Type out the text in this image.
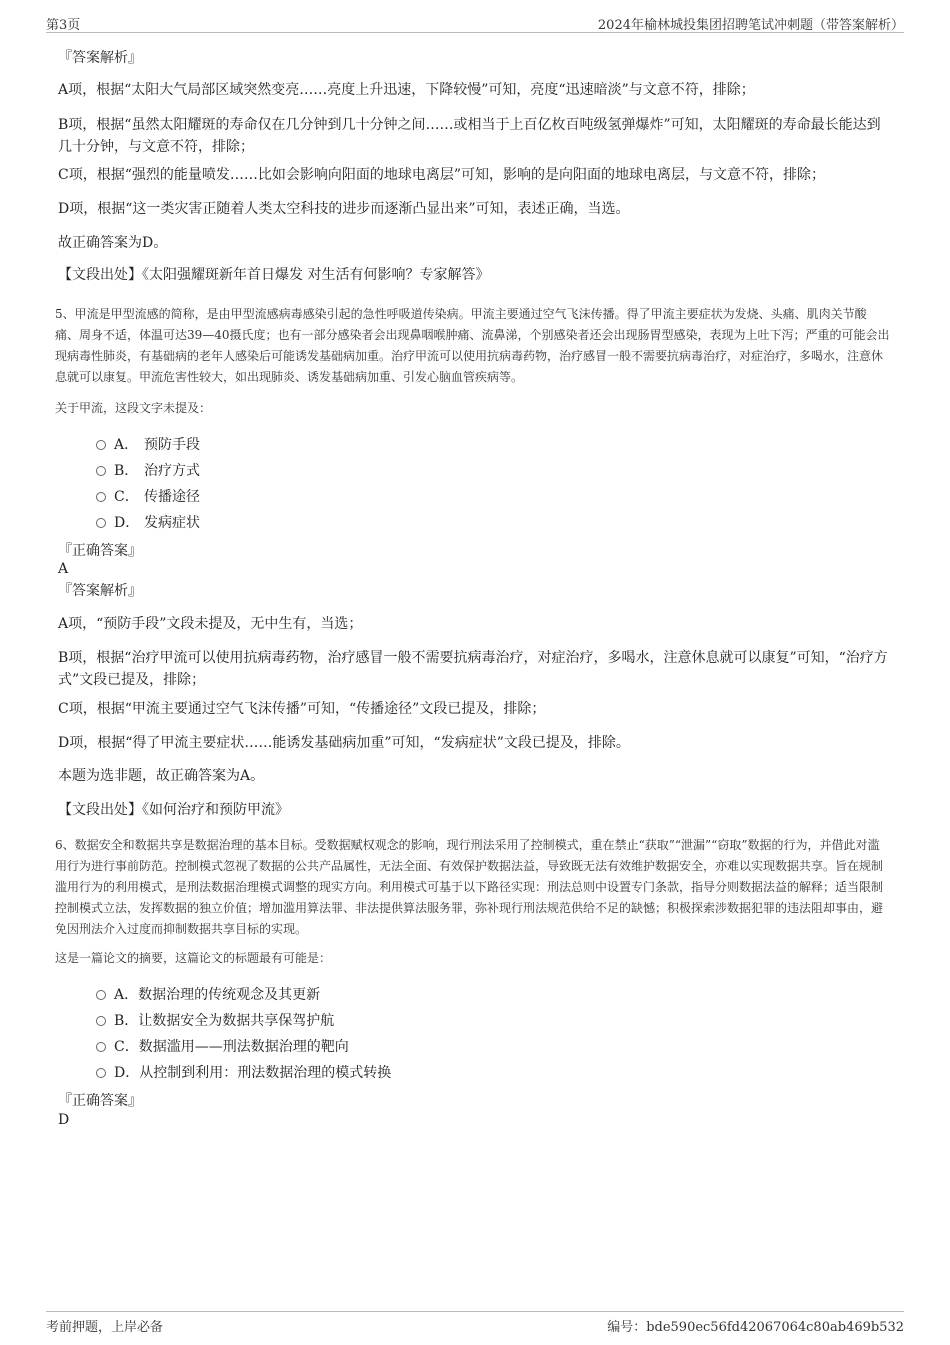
第3页	2024年榆林城投集团招聘笔试冲刺题（带答案解析）
『答案解析』
A项，根据“太阳大气局部区域突然变亮……亮度上升迅速，下降较慢”可知，亮度“迅速暗淡”与文意不符，排除；
B项，根据“虽然太阳耀斑的寿命仅在几分钟到几十分钟之间……或相当于上百亿枚百吨级氢弹爆炸”可知，太阳耀斑的寿命最长能达到几十分钟，与文意不符，排除；
C项，根据“强烈的能量喷发……比如会影响向阳面的地球电离层”可知，影响的是向阳面的地球电离层，与文意不符，排除；
D项，根据“这一类灾害正随着人类太空科技的进步而逐渐凸显出来”可知，表述正确，当选。
故正确答案为D。
【文段出处】《太阳强耀斑新年首日爆发 对生活有何影响？专家解答》
5、甲流是甲型流感的简称，是由甲型流感病毒感染引起的急性呼吸道传染病。甲流主要通过空气飞沫传播。得了甲流主要症状为发烧、头痛、肌肉关节酸痛、周身不适，体温可达39—40摄氏度；也有一部分感染者会出现鼻咽喉肿痛、流鼻涕，个别感染者还会出现肠胃型感染，表现为上吐下泻；严重的可能会出现病毒性肺炎，有基础病的老年人感染后可能诱发基础病加重。治疗甲流可以使用抗病毒药物，治疗感冒一般不需要抗病毒治疗，对症治疗，多喝水，注意休息就可以康复。甲流危害性较大，如出现肺炎、诱发基础病加重、引发心脑血管疾病等。
关于甲流，这段文字未提及：
A． 预防手段
B． 治疗方式
C． 传播途径
D． 发病症状
『正确答案』
A
『答案解析』
A项，“预防手段”文段未提及，无中生有，当选；
B项，根据“治疗甲流可以使用抗病毒药物，治疗感冒一般不需要抗病毒治疗，对症治疗，多喝水，注意休息就可以康复”可知，“治疗方式”文段已提及，排除；
C项，根据“甲流主要通过空气飞沫传播”可知，“传播途径”文段已提及，排除；
D项，根据“得了甲流主要症状……能诱发基础病加重”可知，“发病症状”文段已提及，排除。
本题为选非题，故正确答案为A。
【文段出处】《如何治疗和预防甲流》
6、数据安全和数据共享是数据治理的基本目标。受数据赋权观念的影响，现行刑法采用了控制模式，重在禁止“获取”“泄漏”“窃取”数据的行为，并借此对滥用行为进行事前防范。控制模式忽视了数据的公共产品属性，无法全面、有效保护数据法益，导致既无法有效维护数据安全，亦难以实现数据共享。旨在规制滥用行为的利用模式，是刑法数据治理模式调整的现实方向。利用模式可基于以下路径实现：刑法总则中设置专门条款，指导分则数据法益的解释；适当限制控制模式立法，发挥数据的独立价值；增加滥用算法罪、非法提供算法服务罪，弥补现行刑法规范供给不足的缺憾；积极探索涉数据犯罪的违法阻却事由，避免因刑法介入过度而抑制数据共享目标的实现。
这是一篇论文的摘要，这篇论文的标题最有可能是：
A．数据治理的传统观念及其更新
B．让数据安全为数据共享保驾护航
C．数据滥用——刑法数据治理的靶向
D．从控制到利用：刑法数据治理的模式转换
『正确答案』
D
考前押题，上岸必备	编号：bde590ec56fd42067064c80ab469b532
